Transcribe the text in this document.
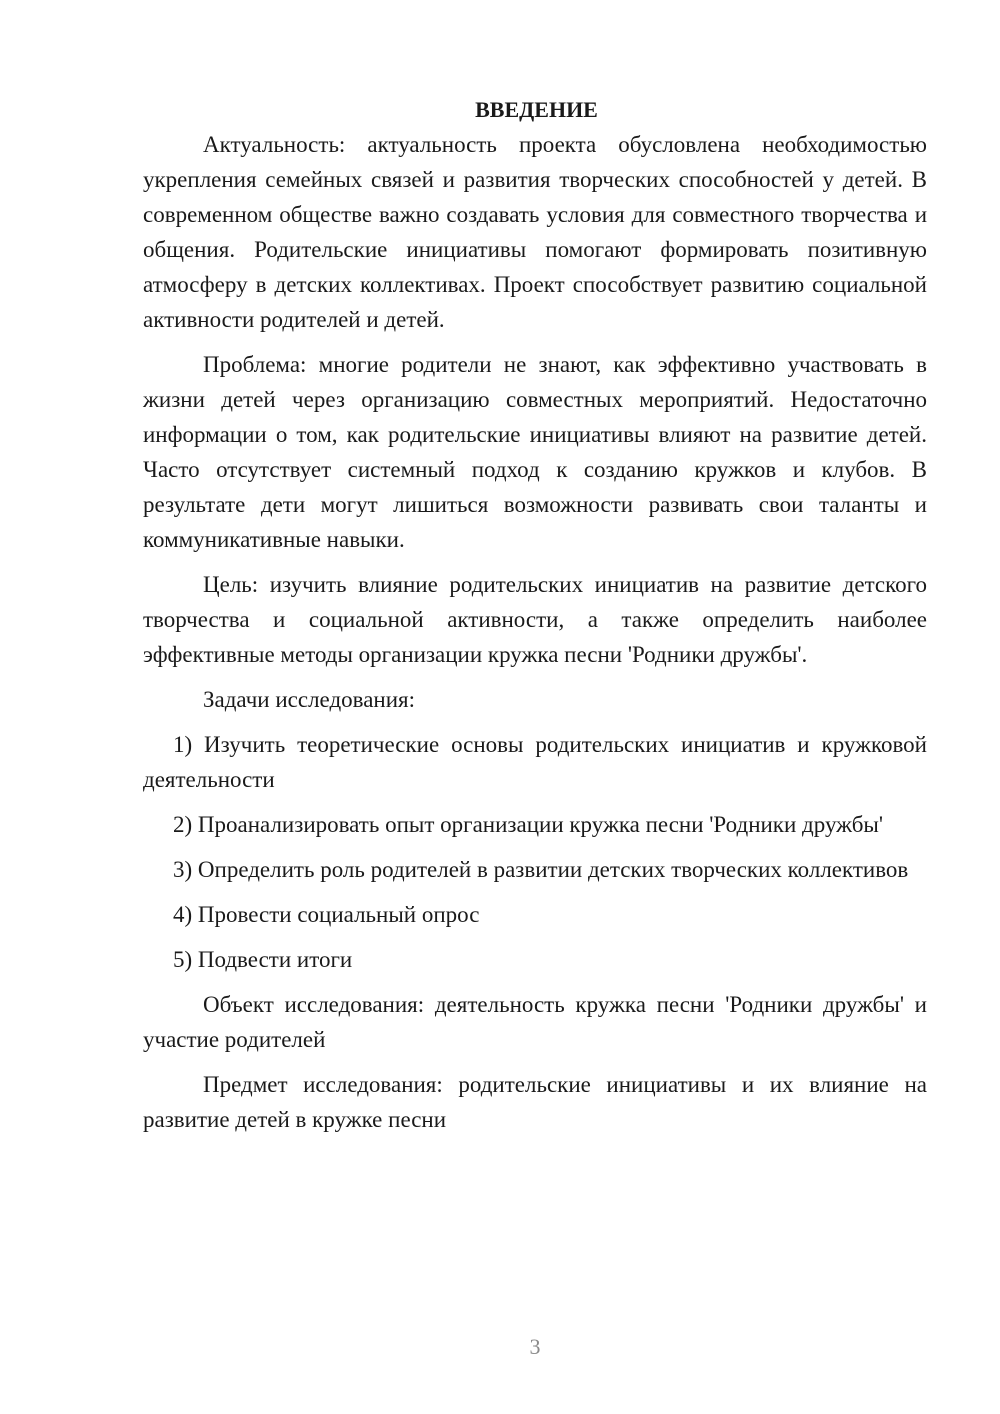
ВВЕДЕНИЕ

Актуальность: актуальность проекта обусловлена необходимостью укрепления семейных связей и развития творческих способностей у детей. В современном обществе важно создавать условия для совместного творчества и общения. Родительские инициативы помогают формировать позитивную атмосферу в детских коллективах. Проект способствует развитию социальной активности родителей и детей.

Проблема: многие родители не знают, как эффективно участвовать в жизни детей через организацию совместных мероприятий. Недостаточно информации о том, как родительские инициативы влияют на развитие детей. Часто отсутствует системный подход к созданию кружков и клубов. В результате дети могут лишиться возможности развивать свои таланты и коммуникативные навыки.

Цель: изучить влияние родительских инициатив на развитие детского творчества и социальной активности, а также определить наиболее эффективные методы организации кружка песни 'Родники дружбы'.

Задачи исследования:

1) Изучить теоретические основы родительских инициатив и кружковой деятельности

2) Проанализировать опыт организации кружка песни 'Родники дружбы'

3) Определить роль родителей в развитии детских творческих коллективов

4) Провести социальный опрос

5) Подвести итоги

Объект исследования: деятельность кружка песни 'Родники дружбы' и участие родителей

Предмет исследования: родительские инициативы и их влияние на развитие детей в кружке песни

3
